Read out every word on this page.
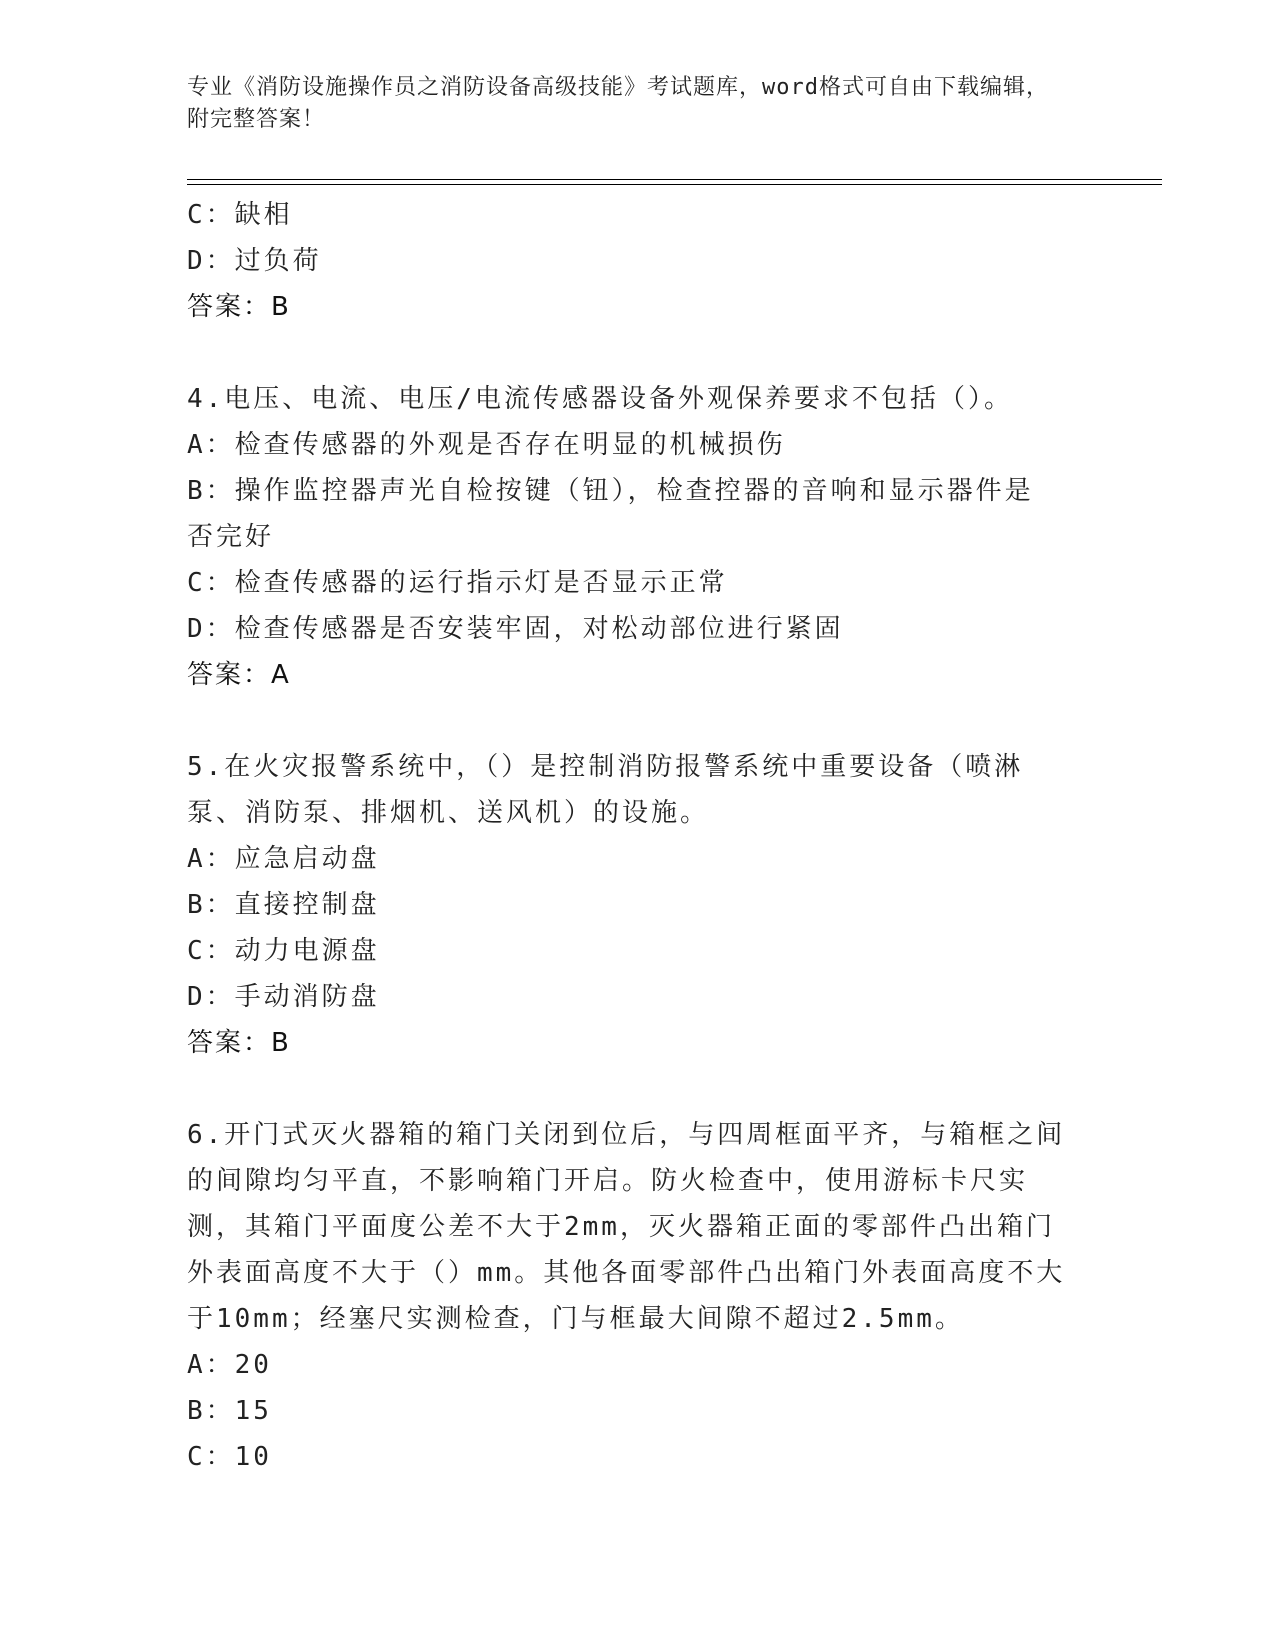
专业《消防设施操作员之消防设备高级技能》考试题库，word格式可自由下载编辑，附完整答案！
C：缺相
D：过负荷
答案：B
4.电压、电流、电压/电流传感器设备外观保养要求不包括（）。
A：检查传感器的外观是否存在明显的机械损伤
B：操作监控器声光自检按键（钮），检查控器的音响和显示器件是否完好
C：检查传感器的运行指示灯是否显示正常
D：检查传感器是否安装牢固，对松动部位进行紧固
答案：A
5.在火灾报警系统中，（）是控制消防报警系统中重要设备（喷淋泵、消防泵、排烟机、送风机）的设施。
A：应急启动盘
B：直接控制盘
C：动力电源盘
D：手动消防盘
答案：B
6.开门式灭火器箱的箱门关闭到位后，与四周框面平齐，与箱框之间的间隙均匀平直，不影响箱门开启。防火检查中，使用游标卡尺实测，其箱门平面度公差不大于2mm，灭火器箱正面的零部件凸出箱门外表面高度不大于（）mm。其他各面零部件凸出箱门外表面高度不大于10mm；经塞尺实测检查，门与框最大间隙不超过2.5mm。
A：20
B：15
C：10
